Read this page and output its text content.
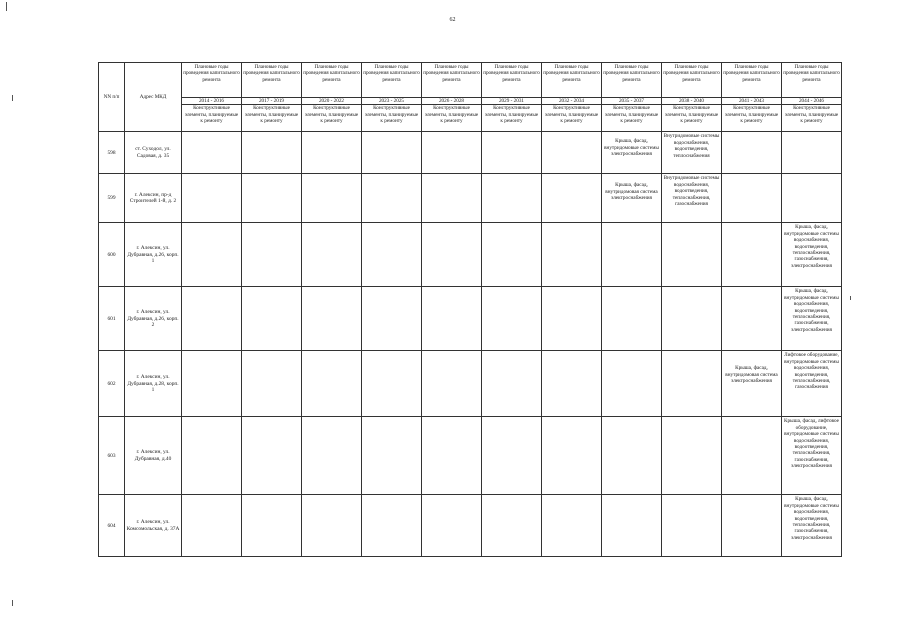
62
NN п/п	Адрес МКД	Плановые годы проведения капитального ремонта	Плановые годы проведения капитального ремонта	Плановые годы проведения капитального ремонта	Плановые годы проведения капитального ремонта	Плановые годы проведения капитального ремонта	Плановые годы проведения капитального ремонта	Плановые годы проведения капитального ремонта	Плановые годы проведения капитального ремонта	Плановые годы проведения капитального ремонта	Плановые годы проведения капитального ремонта	Плановые годы проведения капитального ремонта
		2014 - 2016	2017 - 2019	2020 - 2022	2023 - 2025	2026 - 2028	2029 - 2031	2032 - 2034	2035 - 2037	2038 - 2040	2041 - 2043	2044 - 2046
		Конструктивные элементы, планируемые к ремонту	Конструктивные элементы, планируемые к ремонту	Конструктивные элементы, планируемые к ремонту	Конструктивные элементы, планируемые к ремонту	Конструктивные элементы, планируемые к ремонту	Конструктивные элементы, планируемые к ремонту	Конструктивные элементы, планируемые к ремонту	Конструктивные элементы, планируемые к ремонту	Конструктивные элементы, планируемые к ремонту	Конструктивные элементы, планируемые к ремонту	Конструктивные элементы, планируемые к ремонту
598	ст. Суходол, ул. Садовая, д. 35								Крыша, фасад, внутридомовые системы электроснабжения	Внутридомовые системы водоснабжения, водоотведения, теплоснабжения		
599	г. Алексин, пр-д Строителей 1-й, д. 2								Крыша, фасад, внутридомовая система электроснабжения	Внутридомовые системы водоснабжения, водоотведения, теплоснабжения, газоснабжения		
600	г. Алексин, ул. Дубравная, д.26, корп. 1											Крыша, фасад, внутридомовые системы водоснабжения, водоотведения, теплоснабжения, газоснабжения, электроснабжения
601	г. Алексин, ул. Дубравная, д.26, корп. 2											Крыша, фасад, внутридомовые системы водоснабжения, водоотведения, теплоснабжения, газоснабжения, электроснабжения
602	г. Алексин, ул. Дубравная, д.28, корп. 1										Крыша, фасад, внутридомовая система электроснабжения	Лифтовое оборудование, внутридомовые системы водоснабжения, водоотведения, теплоснабжения, газоснабжения
603	г. Алексин, ул. Дубравная, д.40											Крыша, фасад, лифтовое оборудование, внутридомовые системы водоснабжения, водоотведения, теплоснабжения, газоснабжения, электроснабжения
604	г. Алексин, ул. Комсомольская, д. 37А											Крыша, фасад, внутридомовые системы водоснабжения, водоотведения, теплоснабжения, газоснабжения, электроснабжения
